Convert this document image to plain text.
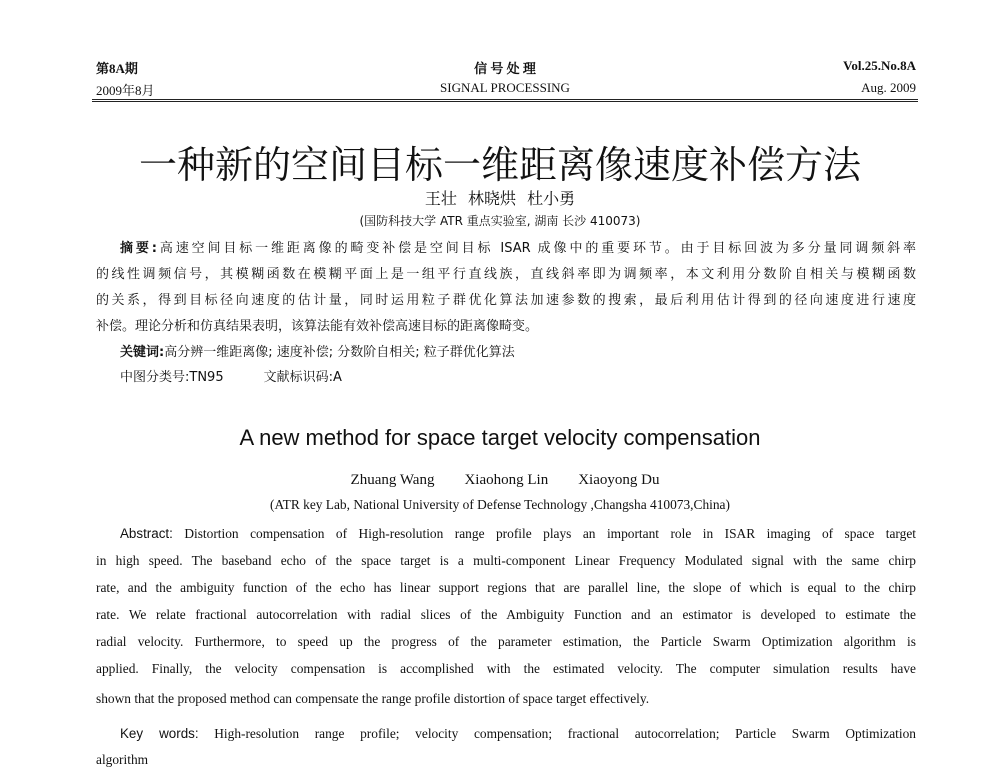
第8A期
2009年8月
信 号 处 理
SIGNAL PROCESSING
Vol.25.No.8A
Aug. 2009
一种新的空间目标一维距离像速度补偿方法
王壮 林晓烘 杜小勇
(国防科技大学 ATR 重点实验室, 湖南 长沙 410073)
摘要:高速空间目标一维距离像的畸变补偿是空间目标 ISAR 成像中的重要环节。由于目标回波为多分量同调频斜率
的线性调频信号，其模糊函数在模糊平面上是一组平行直线族，直线斜率即为调频率，本文利用分数阶自相关与模糊函数
的关系，得到目标径向速度的估计量，同时运用粒子群优化算法加速参数的搜索，最后利用估计得到的径向速度进行速度
补偿。理论分析和仿真结果表明，该算法能有效补偿高速目标的距离像畸变。
关键词:高分辨一维距离像; 速度补偿; 分数阶自相关; 粒子群优化算法
中图分类号:TN95	文献标识码:A
A new method for space target velocity compensation
Zhuang Wang Xiaohong Lin Xiaoyong Du
(ATR key Lab, National University of Defense Technology ,Changsha 410073,China)
Abstract: Distortion compensation of High-resolution range profile plays an important role in ISAR imaging of space target
in high speed. The baseband echo of the space target is a multi-component Linear Frequency Modulated signal with the same chirp
rate, and the ambiguity function of the echo has linear support regions that are parallel line, the slope of which is equal to the chirp
rate. We relate fractional autocorrelation with radial slices of the Ambiguity Function and an estimator is developed to estimate the
radial velocity. Furthermore, to speed up the progress of the parameter estimation, the Particle Swarm Optimization algorithm is
applied. Finally, the velocity compensation is accomplished with the estimated velocity. The computer simulation results have
shown that the proposed method can compensate the range profile distortion of space target effectively.
Key words: High-resolution range profile; velocity compensation; fractional autocorrelation; Particle Swarm Optimization
algorithm
